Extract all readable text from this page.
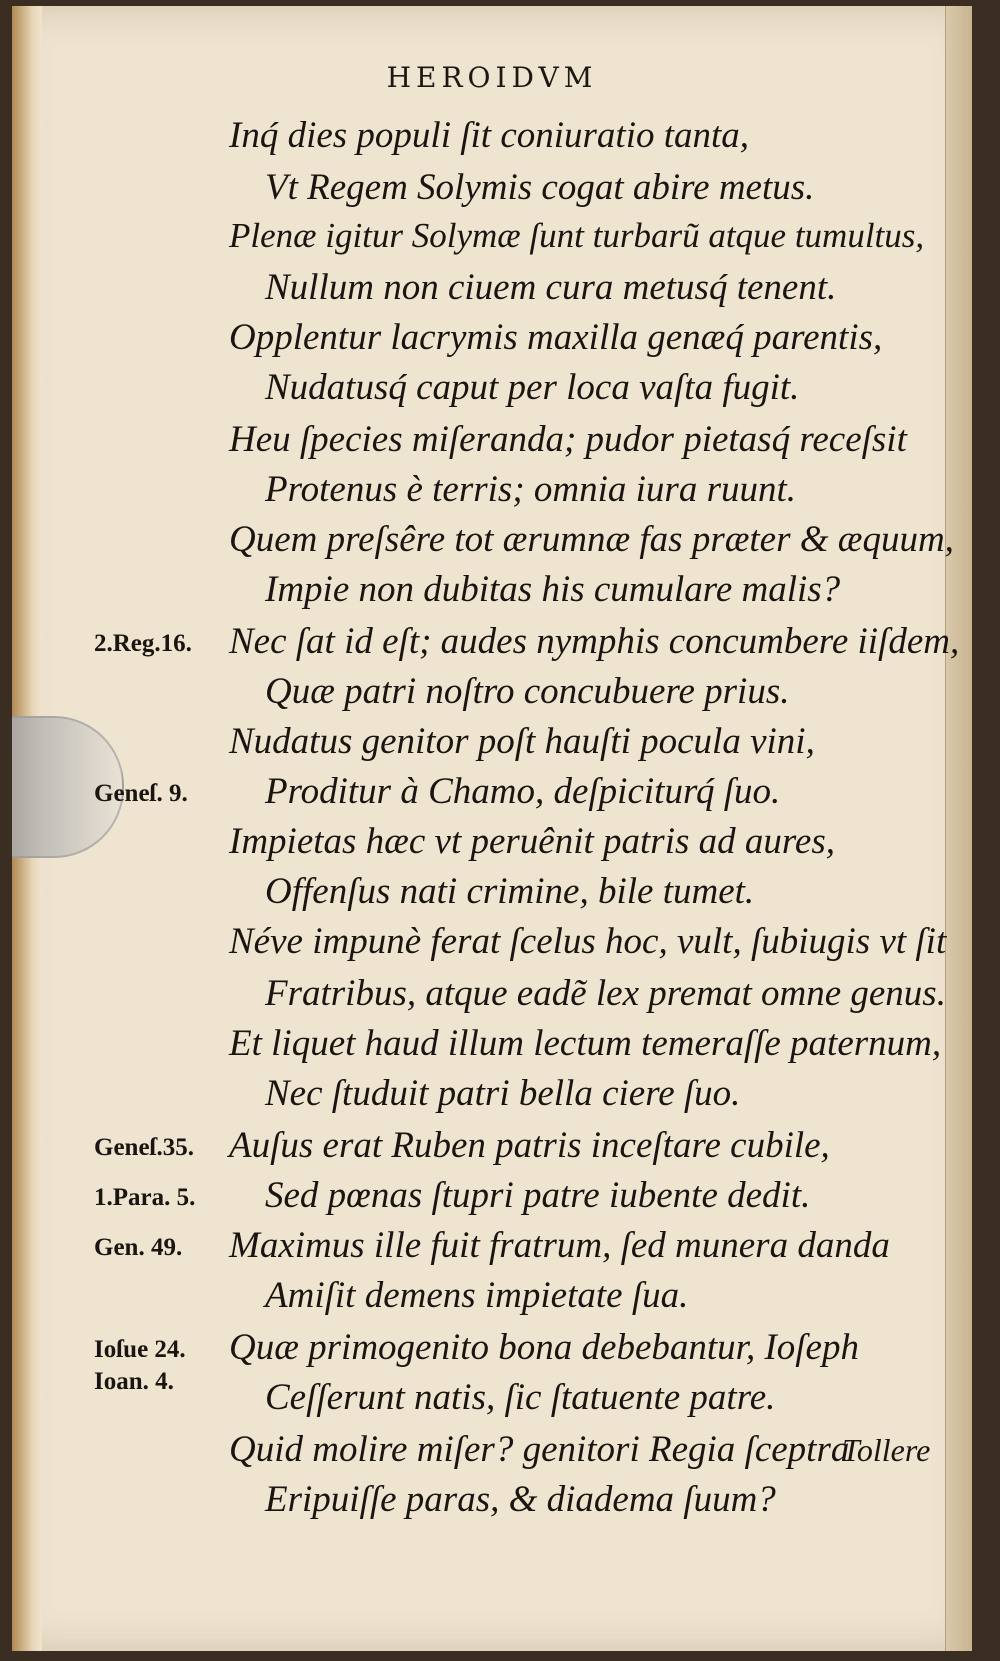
HEROIDVM
Inq́ dies populi ſit coniuratio tanta,
Vt Regem Solymis cogat abire metus.
Plenæ igitur Solymæ ſunt turbarũ atque tumultus,
Nullum non ciuem cura metusq́ tenent.
Opplentur lacrymis maxilla genæq́ parentis,
Nudatusq́ caput per loca vaſta fugit.
Heu ſpecies miſeranda; pudor pietasq́ receſsit
Protenus è terris; omnia iura ruunt.
Quem preſsêre tot ærumnæ fas præter & æquum,
Impie non dubitas his cumulare malis?
Nec ſat id eſt; audes nymphis concumbere iiſdem,
Quæ patri noſtro concubuere prius.
Nudatus genitor poſt hauſti pocula vini,
Proditur à Chamo, deſpiciturq́ ſuo.
Impietas hæc vt peruênit patris ad aures,
Offenſus nati crimine, bile tumet.
Néve impunè ferat ſcelus hoc, vult, ſubiugis vt ſit
Fratribus, atque eadẽ lex premat omne genus.
Et liquet haud illum lectum temeraſſe paternum,
Nec ſtuduit patri bella ciere ſuo.
Auſus erat Ruben patris inceſtare cubile,
Sed pœnas ſtupri patre iubente dedit.
Maximus ille fuit fratrum, ſed munera danda
Amiſit demens impietate ſua.
Quæ primogenito bona debebantur, Ioſeph
Ceſſerunt natis, ſic ſtatuente patre.
Quid molire miſer? genitori Regia ſceptra
Eripuiſſe paras, & diadema ſuum?
2.Reg.16.
Geneſ. 9.
Geneſ.35.
1.Para. 5.
Gen. 49.
Ioſue 24.
Ioan. 4.
Tollere
